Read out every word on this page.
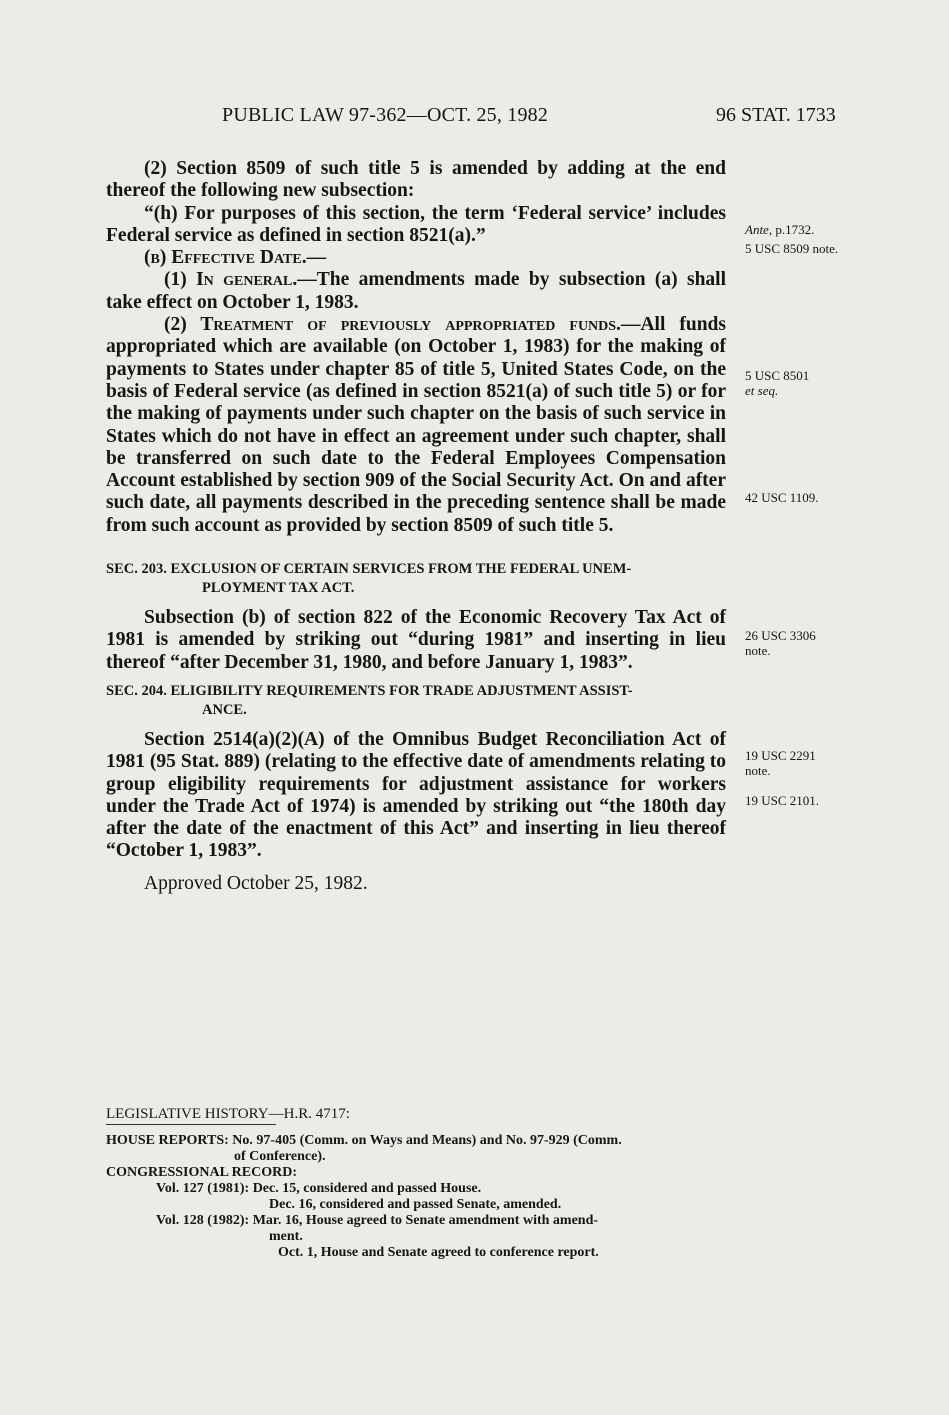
PUBLIC LAW 97-362—OCT. 25, 1982	96 STAT. 1733

(2) Section 8509 of such title 5 is amended by adding at the end thereof the following new subsection:

“(h) For purposes of this section, the term ‘Federal service’ includes Federal service as defined in section 8521(a).”

(b) Effective Date.—

(1) In general.—The amendments made by subsection (a) shall take effect on October 1, 1983.

(2) Treatment of previously appropriated funds.—All funds appropriated which are available (on October 1, 1983) for the making of payments to States under chapter 85 of title 5, United States Code, on the basis of Federal service (as defined in section 8521(a) of such title 5) or for the making of payments under such chapter on the basis of such service in States which do not have in effect an agreement under such chapter, shall be transferred on such date to the Federal Employees Compensation Account established by section 909 of the Social Security Act. On and after such date, all payments described in the preceding sentence shall be made from such account as provided by section 8509 of such title 5.

SEC. 203. EXCLUSION OF CERTAIN SERVICES FROM THE FEDERAL UNEM-
PLOYMENT TAX ACT.

Subsection (b) of section 822 of the Economic Recovery Tax Act of 1981 is amended by striking out “during 1981” and inserting in lieu thereof “after December 31, 1980, and before January 1, 1983”.

SEC. 204. ELIGIBILITY REQUIREMENTS FOR TRADE ADJUSTMENT ASSIST-
ANCE.

Section 2514(a)(2)(A) of the Omnibus Budget Reconciliation Act of 1981 (95 Stat. 889) (relating to the effective date of amendments relating to group eligibility requirements for adjustment assistance for workers under the Trade Act of 1974) is amended by striking out “the 180th day after the date of the enactment of this Act” and inserting in lieu thereof “October 1, 1983”.

Approved October 25, 1982.

Ante, p.1732.
5 USC 8509 note.
5 USC 8501
et seq.
42 USC 1109.
26 USC 3306
note.
19 USC 2291
note.
19 USC 2101.

LEGISLATIVE HISTORY—H.R. 4717:

HOUSE REPORTS: No. 97-405 (Comm. on Ways and Means) and No. 97-929 (Comm.

of Conference).

CONGRESSIONAL RECORD:

Vol. 127 (1981): Dec. 15, considered and passed House.

Dec. 16, considered and passed Senate, amended.

Vol. 128 (1982): Mar. 16, House agreed to Senate amendment with amend-

ment.

Oct. 1, House and Senate agreed to conference report.
